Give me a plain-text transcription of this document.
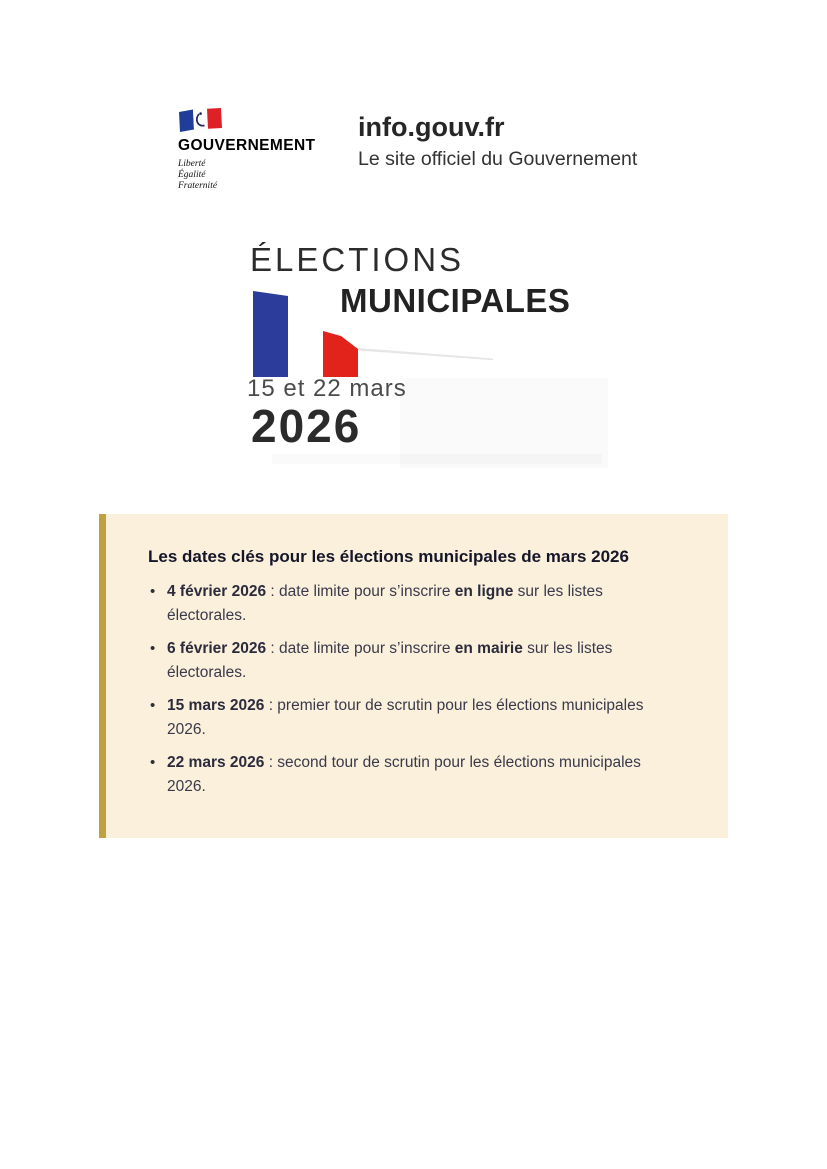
GOUVERNEMENT
Liberté
Égalité
Fraternité
info.gouv.fr
Le site officiel du Gouvernement
ÉLECTIONS
MUNICIPALES
15 et 22 mars
2026
Les dates clés pour les élections municipales de mars 2026
• 4 février 2026 : date limite pour s’inscrire en ligne sur les listes électorales.
• 6 février 2026 : date limite pour s’inscrire en mairie sur les listes
électorales.
• 15 mars 2026 : premier tour de scrutin pour les élections municipales 2026.
• 22 mars 2026 : second tour de scrutin pour les élections municipales 2026.
